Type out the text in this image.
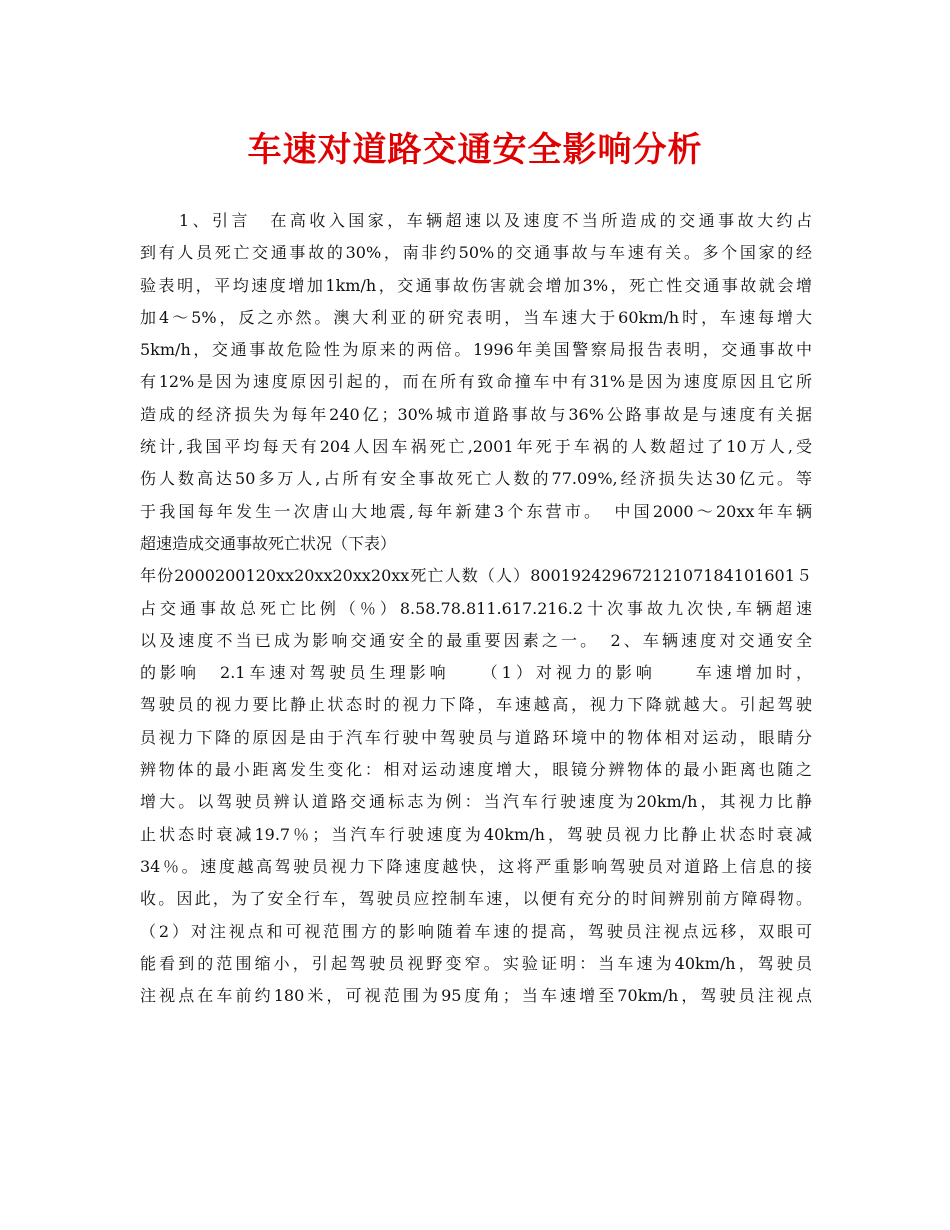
车速对道路交通安全影响分析
　　1、引言　在高收入国家，车辆超速以及速度不当所造成的交通事故大约占
到有人员死亡交通事故的30%，南非约50%的交通事故与车速有关。多个国家的经
验表明，平均速度增加1km/h，交通事故伤害就会增加3%，死亡性交通事故就会增
加4～5%，反之亦然。澳大利亚的研究表明，当车速大于60km/h时，车速每增大
5km/h，交通事故危险性为原来的两倍。1996年美国警察局报告表明，交通事故中
有12%是因为速度原因引起的，而在所有致命撞车中有31%是因为速度原因且它所
造成的经济损失为每年240亿；30%城市道路事故与36%公路事故是与速度有关据
统计,我国平均每天有204人因车祸死亡,2001年死于车祸的人数超过了10万人,受
伤人数高达50多万人,占所有安全事故死亡人数的77.09%,经济损失达30亿元。等
于我国每年发生一次唐山大地震,每年新建3个东营市。　中国2000～20xx年车辆
超速造成交通事故死亡状况（下表）
年份2000200120xx20xx20xx20xx死亡人数（人）80019242967212107184101601５
占交通事故总死亡比例（％）8.58.78.811.617.216.2十次事故九次快,车辆超速
以及速度不当已成为影响交通安全的最重要因素之一。　2、车辆速度对交通安全
的影响　2.1车速对驾驶员生理影响　　（1）对视力的影响　　车速增加时，
驾驶员的视力要比静止状态时的视力下降，车速越高，视力下降就越大。引起驾驶
员视力下降的原因是由于汽车行驶中驾驶员与道路环境中的物体相对运动，眼睛分
辨物体的最小距离发生变化：相对运动速度增大，眼镜分辨物体的最小距离也随之
增大。以驾驶员辨认道路交通标志为例：当汽车行驶速度为20km/h，其视力比静
止状态时衰减19.7％；当汽车行驶速度为40km/h，驾驶员视力比静止状态时衰减
34％。速度越高驾驶员视力下降速度越快，这将严重影响驾驶员对道路上信息的接
收。因此，为了安全行车，驾驶员应控制车速，以便有充分的时间辨别前方障碍物。
（2）对注视点和可视范围方的影响随着车速的提高，驾驶员注视点远移，双眼可
能看到的范围缩小，引起驾驶员视野变窄。实验证明：当车速为40km/h，驾驶员
注视点在车前约180米，可视范围为95度角；当车速增至70km/h，驾驶员注视点
